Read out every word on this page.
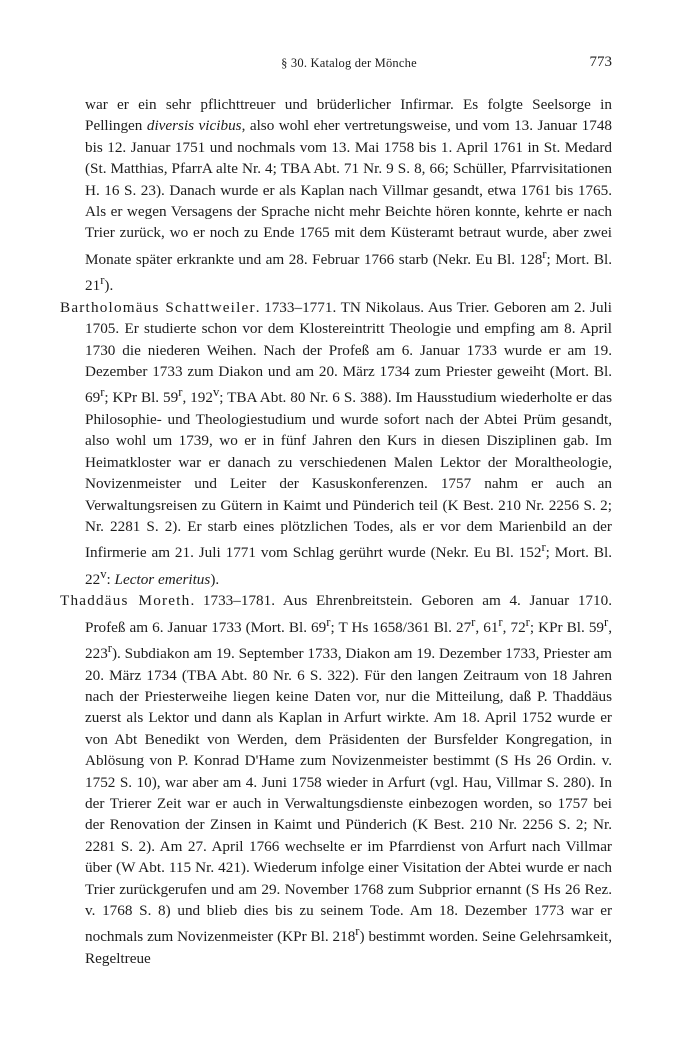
§ 30. Katalog der Mönche	773

war er ein sehr pflichttreuer und brüderlicher Infirmar. Es folgte Seelsorge in Pellingen diversis vicibus, also wohl eher vertretungsweise, und vom 13. Januar 1748 bis 12. Januar 1751 und nochmals vom 13. Mai 1758 bis 1. April 1761 in St. Medard (St. Matthias, PfarrA alte Nr. 4; TBA Abt. 71 Nr. 9 S. 8, 66; Schüller, Pfarrvisitationen H. 16 S. 23). Danach wurde er als Kaplan nach Villmar gesandt, etwa 1761 bis 1765. Als er wegen Versagens der Sprache nicht mehr Beichte hören konnte, kehrte er nach Trier zurück, wo er noch zu Ende 1765 mit dem Küsteramt betraut wurde, aber zwei Monate später erkrankte und am 28. Februar 1766 starb (Nekr. Eu Bl. 128$^r$; Mort. Bl. 21$^r$).

Bartholomäus Schattweiler. 1733–1771. TN Nikolaus. Aus Trier. Geboren am 2. Juli 1705. Er studierte schon vor dem Klostereintritt Theologie und empfing am 8. April 1730 die niederen Weihen. Nach der Profeß am 6. Januar 1733 wurde er am 19. Dezember 1733 zum Diakon und am 20. März 1734 zum Priester geweiht (Mort. Bl. 69$^r$; KPr Bl. 59$^r$, 192$^v$; TBA Abt. 80 Nr. 6 S. 388). Im Hausstudium wiederholte er das Philosophie- und Theologiestudium und wurde sofort nach der Abtei Prüm gesandt, also wohl um 1739, wo er in fünf Jahren den Kurs in diesen Disziplinen gab. Im Heimatkloster war er danach zu verschiedenen Malen Lektor der Moraltheologie, Novizenmeister und Leiter der Kasuskonferenzen. 1757 nahm er auch an Verwaltungsreisen zu Gütern in Kaimt und Pünderich teil (K Best. 210 Nr. 2256 S. 2; Nr. 2281 S. 2). Er starb eines plötzlichen Todes, als er vor dem Marienbild an der Infirmerie am 21. Juli 1771 vom Schlag gerührt wurde (Nekr. Eu Bl. 152$^r$; Mort. Bl. 22$^v$: Lector emeritus).

Thaddäus Moreth. 1733–1781. Aus Ehrenbreitstein. Geboren am 4. Januar 1710. Profeß am 6. Januar 1733 (Mort. Bl. 69$^r$; T Hs 1658/361 Bl. 27$^r$, 61$^r$, 72$^r$; KPr Bl. 59$^r$, 223$^r$). Subdiakon am 19. September 1733, Diakon am 19. Dezember 1733, Priester am 20. März 1734 (TBA Abt. 80 Nr. 6 S. 322). Für den langen Zeitraum von 18 Jahren nach der Priesterweihe liegen keine Daten vor, nur die Mitteilung, daß P. Thaddäus zuerst als Lektor und dann als Kaplan in Arfurt wirkte. Am 18. April 1752 wurde er von Abt Benedikt von Werden, dem Präsidenten der Bursfelder Kongregation, in Ablösung von P. Konrad D'Hame zum Novizenmeister bestimmt (S Hs 26 Ordin. v. 1752 S. 10), war aber am 4. Juni 1758 wieder in Arfurt (vgl. Hau, Villmar S. 280). In der Trierer Zeit war er auch in Verwaltungsdienste einbezogen worden, so 1757 bei der Renovation der Zinsen in Kaimt und Pünderich (K Best. 210 Nr. 2256 S. 2; Nr. 2281 S. 2). Am 27. April 1766 wechselte er im Pfarrdienst von Arfurt nach Villmar über (W Abt. 115 Nr. 421). Wiederum infolge einer Visitation der Abtei wurde er nach Trier zurückgerufen und am 29. November 1768 zum Subprior ernannt (S Hs 26 Rez. v. 1768 S. 8) und blieb dies bis zu seinem Tode. Am 18. Dezember 1773 war er nochmals zum Novizenmeister (KPr Bl. 218$^r$) bestimmt worden. Seine Gelehrsamkeit, Regeltreue
